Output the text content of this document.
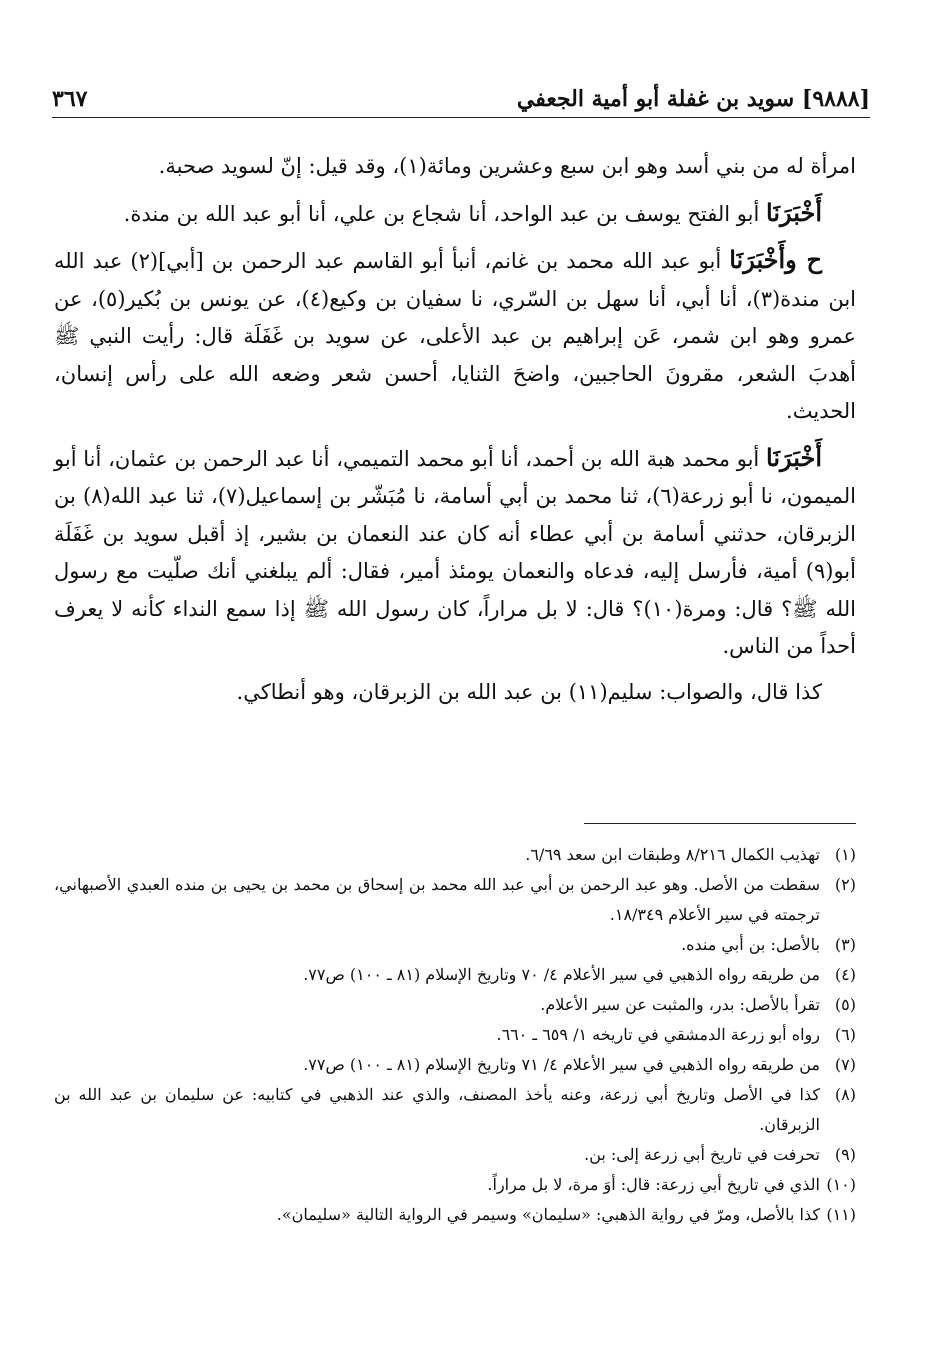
٣٦٧	[٩٨٨٨] سويد بن غفلة أبو أمية الجعفي

امرأة له من بني أسد وهو ابن سبع وعشرين ومائة(١)، وقد قيل: إنّ لسويد صحبة.

أَخْبَرَنَا أبو الفتح يوسف بن عبد الواحد، أنا شجاع بن علي، أنا أبو عبد الله بن مندة.

ح وأَخْبَرَنَا أبو عبد الله محمد بن غانم، أنبأ أبو القاسم عبد الرحمن بن [أبي](٢) عبد الله ابن مندة(٣)، أنا أبي، أنا سهل بن السّري، نا سفيان بن وكيع(٤)، عن يونس بن بُكير(٥)، عن عمرو وهو ابن شمر، عَن إبراهيم بن عبد الأعلى، عن سويد بن غَفَلَة قال: رأيت النبي ﷺ أهدبَ الشعر، مقرونَ الحاجبين، واضحَ الثنايا، أحسن شعر وضعه الله على رأس إنسان، الحديث.

أَخْبَرَنَا أبو محمد هبة الله بن أحمد، أنا أبو محمد التميمي، أنا عبد الرحمن بن عثمان، أنا أبو الميمون، نا أبو زرعة(٦)، ثنا محمد بن أبي أسامة، نا مُبَشّر بن إسماعيل(٧)، ثنا عبد الله(٨) بن الزبرقان، حدثني أسامة بن أبي عطاء أنه كان عند النعمان بن بشير، إذ أقبل سويد بن غَفَلَة أبو(٩) أمية، فأرسل إليه، فدعاه والنعمان يومئذ أمير، فقال: ألم يبلغني أنك صلّيت مع رسول الله ﷺ؟ قال: ومرة(١٠)؟ قال: لا بل مراراً، كان رسول الله ﷺ إذا سمع النداء كأنه لا يعرف أحداً من الناس.

كذا قال، والصواب: سليم(١١) بن عبد الله بن الزبرقان، وهو أنطاكي.

(١)
تهذيب الكمال ٨/٢١٦ وطبقات ابن سعد ٦/٦٩.
(٢)
سقطت من الأصل. وهو عبد الرحمن بن أبي عبد الله محمد بن إسحاق بن محمد بن يحيى بن منده العبدي الأصبهاني، ترجمته في سير الأعلام ١٨/٣٤٩.
(٣)
بالأصل: بن أبي منده.
(٤)
من طريقه رواه الذهبي في سير الأعلام ٤/ ٧٠ وتاريخ الإسلام (٨١ ـ ١٠٠) ص٧٧.
(٥)
تقرأ بالأصل: بدر، والمثبت عن سير الأعلام.
(٦)
رواه أبو زرعة الدمشقي في تاريخه ١/ ٦٥٩ ـ ٦٦٠.
(٧)
من طريقه رواه الذهبي في سير الأعلام ٤/ ٧١ وتاريخ الإسلام (٨١ ـ ١٠٠) ص٧٧.
(٨)
كذا في الأصل وتاريخ أبي زرعة، وعنه يأخذ المصنف، والذي عند الذهبي في كتابيه: عن سليمان بن عبد الله بن الزبرقان.
(٩)
تحرفت في تاريخ أبي زرعة إلى: بن.
(١٠)
الذي في تاريخ أبي زرعة: قال: أوَ مرة، لا بل مراراً.
(١١)
كذا بالأصل، ومرّ في رواية الذهبي: «سليمان» وسيمر في الرواية التالية «سليمان».
